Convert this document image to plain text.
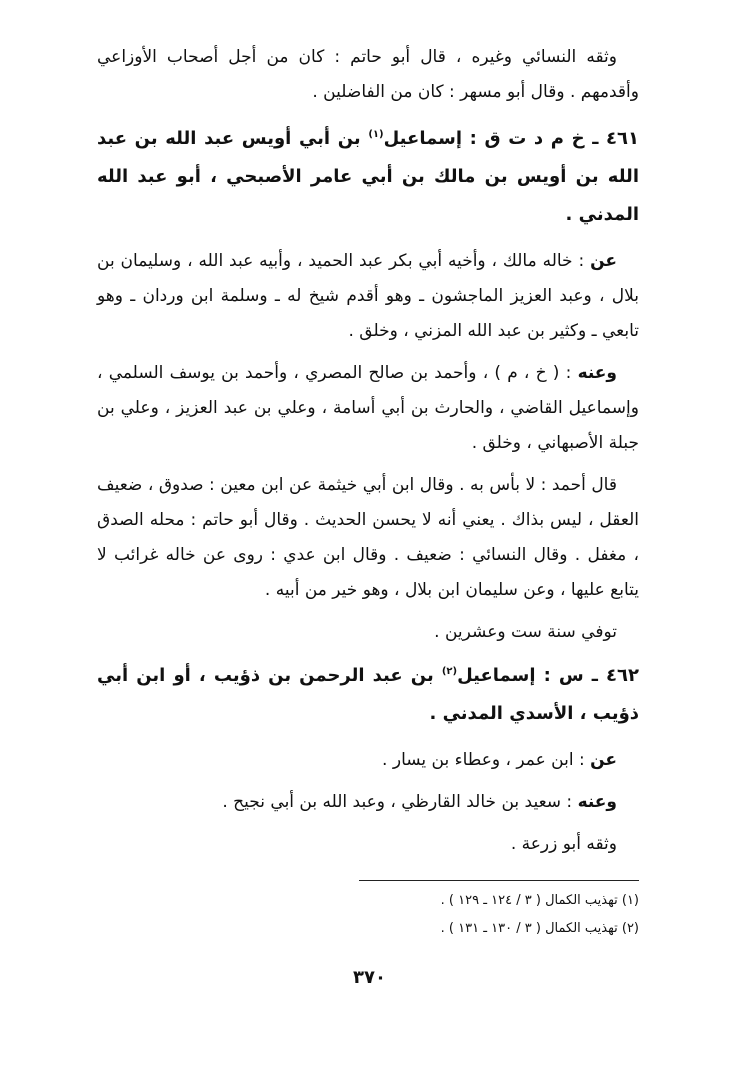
وثقه النسائي وغيره ، قال أبو حاتم : كان من أجل أصحاب الأوزاعي وأقدمهم . وقال أبو مسهر : كان من الفاضلين .

٤٦١ ـ خ م د ت ق : إسماعيل$^{(١)}$ بن أبي أويس عبد الله بن عبد الله بن أويس بن مالك بن أبي عامر الأصبحي ، أبو عبد الله المدني .

عن : خاله مالك ، وأخيه أبي بكر عبد الحميد ، وأبيه عبد الله ، وسليمان بن بلال ، وعبد العزيز الماجشون ـ وهو أقدم شيخ له ـ وسلمة ابن وردان ـ وهو تابعي ـ وكثير بن عبد الله المزني ، وخلق .

وعنه : ( خ ، م ) ، وأحمد بن صالح المصري ، وأحمد بن يوسف السلمي ، وإسماعيل القاضي ، والحارث بن أبي أسامة ، وعلي بن عبد العزيز ، وعلي بن جبلة الأصبهاني ، وخلق .

قال أحمد : لا بأس به . وقال ابن أبي خيثمة عن ابن معين : صدوق ، ضعيف العقل ، ليس بذاك . يعني أنه لا يحسن الحديث . وقال أبو حاتم : محله الصدق ، مغفل . وقال النسائي : ضعيف . وقال ابن عدي : روى عن خاله غرائب لا يتابع عليها ، وعن سليمان ابن بلال ، وهو خير من أبيه .

توفي سنة ست وعشرين .

٤٦٢ ـ س : إسماعيل$^{(٢)}$ بن عبد الرحمن بن ذؤيب ، أو ابن أبي ذؤيب ، الأسدي المدني .

عن : ابن عمر ، وعطاء بن يسار .

وعنه : سعيد بن خالد القارظي ، وعبد الله بن أبي نجيح .

وثقه أبو زرعة .

(١) تهذيب الكمال ( ٣ / ١٢٤ ـ ١٢٩ ) .
(٢) تهذيب الكمال ( ٣ / ١٣٠ ـ ١٣١ ) .
٣٧٠
